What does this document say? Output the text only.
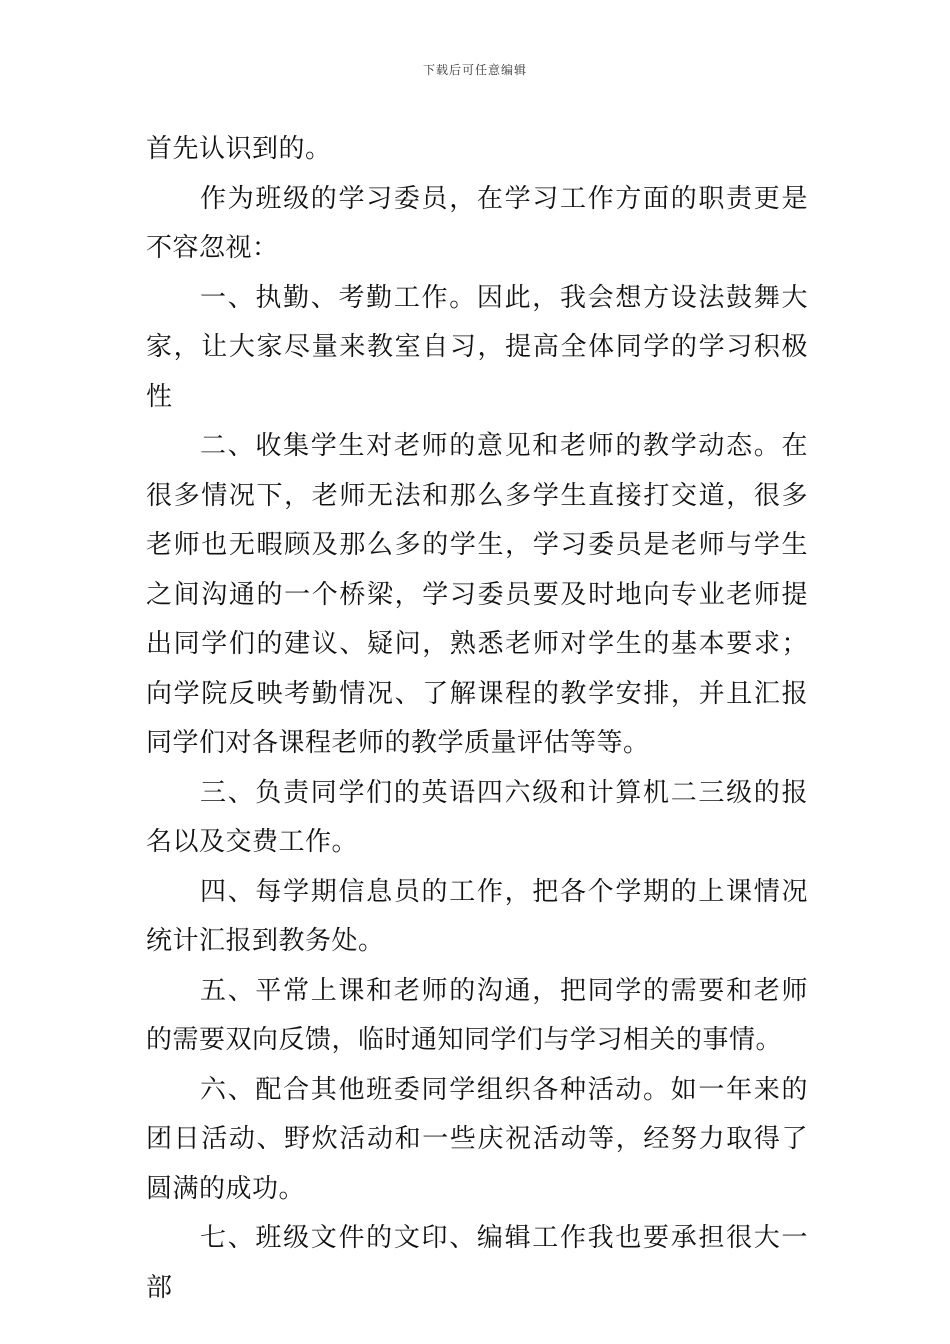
下载后可任意编辑

首先认识到的。

作为班级的学习委员，在学习工作方面的职责更是不容忽视：

一、执勤、考勤工作。因此，我会想方设法鼓舞大家，让大家尽量来教室自习，提高全体同学的学习积极性

二、收集学生对老师的意见和老师的教学动态。在很多情况下，老师无法和那么多学生直接打交道，很多老师也无暇顾及那么多的学生，学习委员是老师与学生之间沟通的一个桥梁，学习委员要及时地向专业老师提出同学们的建议、疑问，熟悉老师对学生的基本要求；向学院反映考勤情况、了解课程的教学安排，并且汇报同学们对各课程老师的教学质量评估等等。

三、负责同学们的英语四六级和计算机二三级的报名以及交费工作。

四、每学期信息员的工作，把各个学期的上课情况统计汇报到教务处。

五、平常上课和老师的沟通，把同学的需要和老师的需要双向反馈，临时通知同学们与学习相关的事情。

六、配合其他班委同学组织各种活动。如一年来的团日活动、野炊活动和一些庆祝活动等，经努力取得了圆满的成功。

七、班级文件的文印、编辑工作我也要承担很大一部
